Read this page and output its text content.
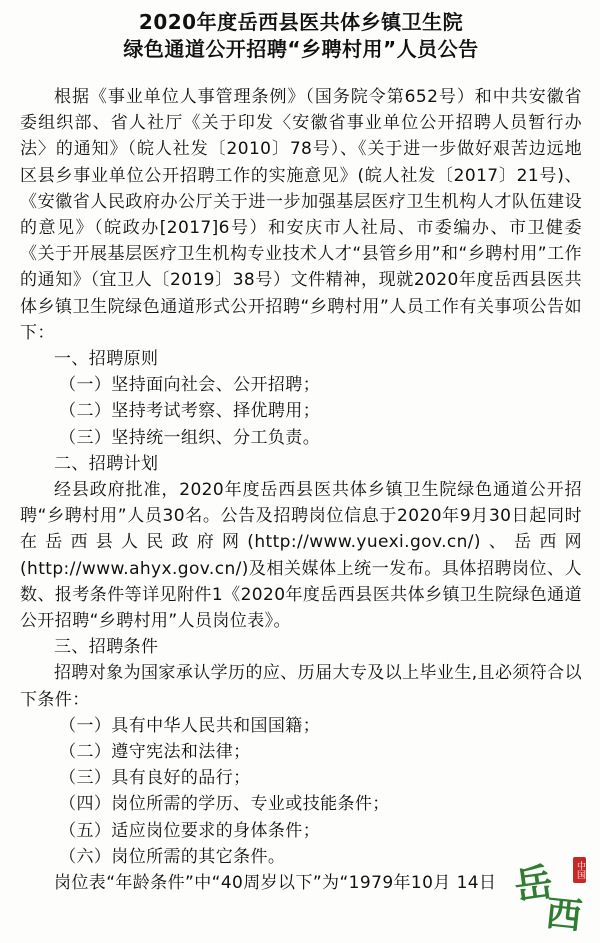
2020年度岳西县医共体乡镇卫生院
绿色通道公开招聘“乡聘村用”人员公告

根据《事业单位人事管理条例》（国务院令第652号）和中共安徽省委组织部、省人社厅《关于印发〈安徽省事业单位公开招聘人员暂行办法〉的通知》（皖人社发〔2010〕78号）、《关于进一步做好艰苦边远地区县乡事业单位公开招聘工作的实施意见》(皖人社发〔2017〕21号)、《安徽省人民政府办公厅关于进一步加强基层医疗卫生机构人才队伍建设的意见》（皖政办[2017]6号）和安庆市人社局、市委编办、市卫健委《关于开展基层医疗卫生机构专业技术人才“县管乡用”和“乡聘村用”工作的通知》（宜卫人〔2019〕38号）文件精神，现就2020年度岳西县医共体乡镇卫生院绿色通道形式公开招聘“乡聘村用”人员工作有关事项公告如下：

一、招聘原则

（一）坚持面向社会、公开招聘；

（二）坚持考试考察、择优聘用；

（三）坚持统一组织、分工负责。

二、招聘计划

经县政府批准，2020年度岳西县医共体乡镇卫生院绿色通道公开招聘“乡聘村用”人员30名。公告及招聘岗位信息于2020年9月30日起同时在岳西县人民政府网(http://www.yuexi.gov.cn/)、岳西网(http://www.ahyx.gov.cn/)及相关媒体上统一发布。具体招聘岗位、人数、报考条件等详见附件1《2020年度岳西县医共体乡镇卫生院绿色通道公开招聘“乡聘村用”人员岗位表》。

三、招聘条件

招聘对象为国家承认学历的应、历届大专及以上毕业生,且必须符合以下条件：

（一）具有中华人民共和国国籍；

（二）遵守宪法和法律；

（三）具有良好的品行；

（四）岗位所需的学历、专业或技能条件；

（五）适应岗位要求的身体条件；

（六）岗位所需的其它条件。

岗位表“年龄条件”中“40周岁以下”为“1979年10月 14日 岳
西
中国
